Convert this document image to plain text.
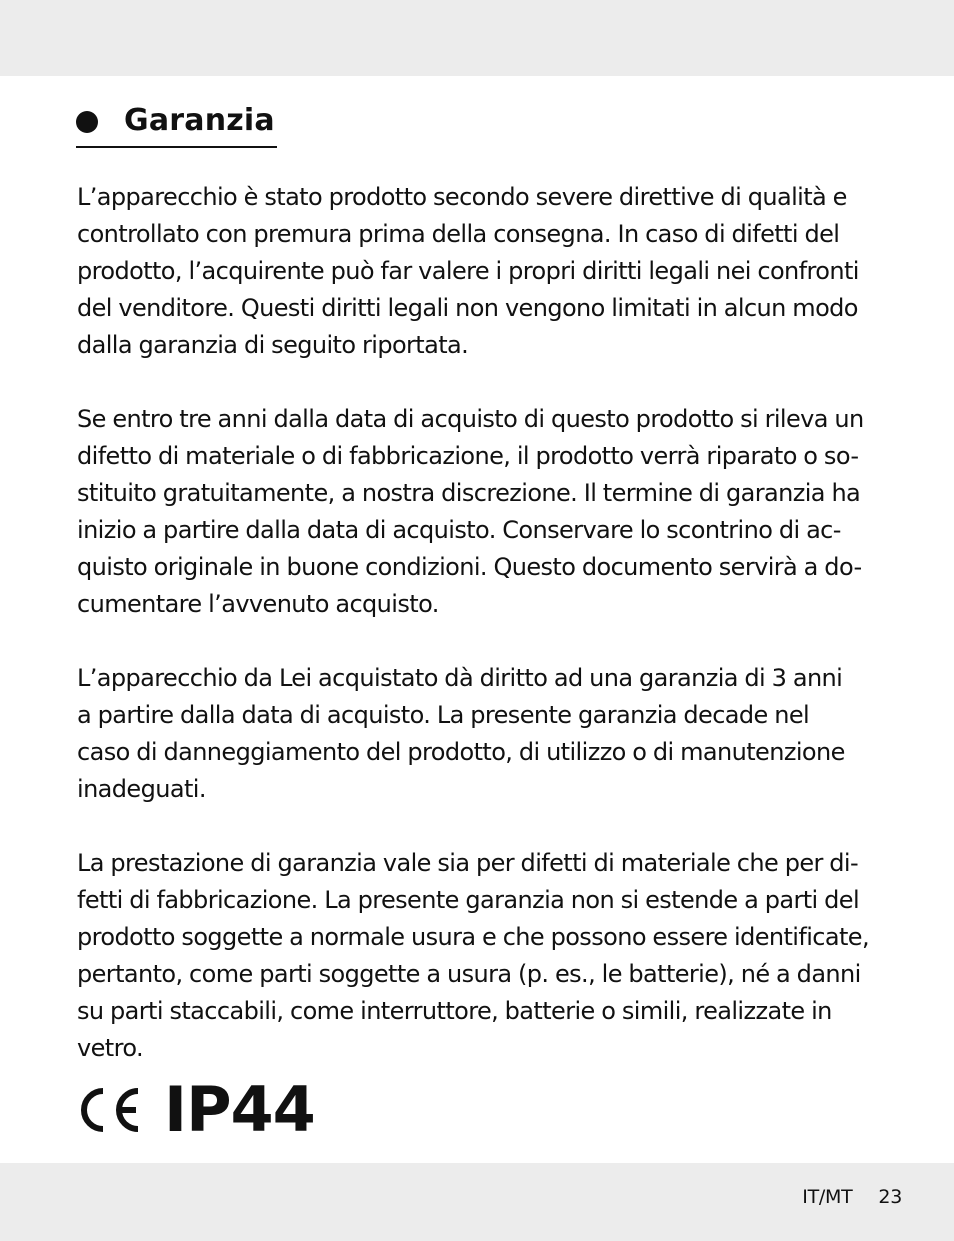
Garanzia

L’apparecchio è stato prodotto secondo severe direttive di qualità e
controllato con premura prima della consegna. In caso di difetti del
prodotto, l’acquirente può far valere i propri diritti legali nei confronti
del venditore. Questi diritti legali non vengono limitati in alcun modo
dalla garanzia di seguito riportata.

Se entro tre anni dalla data di acquisto di questo prodotto si rileva un
difetto di materiale o di fabbricazione, il prodotto verrà riparato o so-
stituito gratuitamente, a nostra discrezione. Il termine di garanzia ha
inizio a partire dalla data di acquisto. Conservare lo scontrino di ac-
quisto originale in buone condizioni. Questo documento servirà a do-
cumentare l’avvenuto acquisto.

L’apparecchio da Lei acquistato dà diritto ad una garanzia di 3 anni
a partire dalla data di acquisto. La presente garanzia decade nel
caso di danneggiamento del prodotto, di utilizzo o di manutenzione
inadeguati.

La prestazione di garanzia vale sia per difetti di materiale che per di-
fetti di fabbricazione. La presente garanzia non si estende a parti del
prodotto soggette a normale usura e che possono essere identificate,
pertanto, come parti soggette a usura (p. es., le batterie), né a danni
su parti staccabili, come interruttore, batterie o simili, realizzate in vetro.

IP44
IT/MT 23
